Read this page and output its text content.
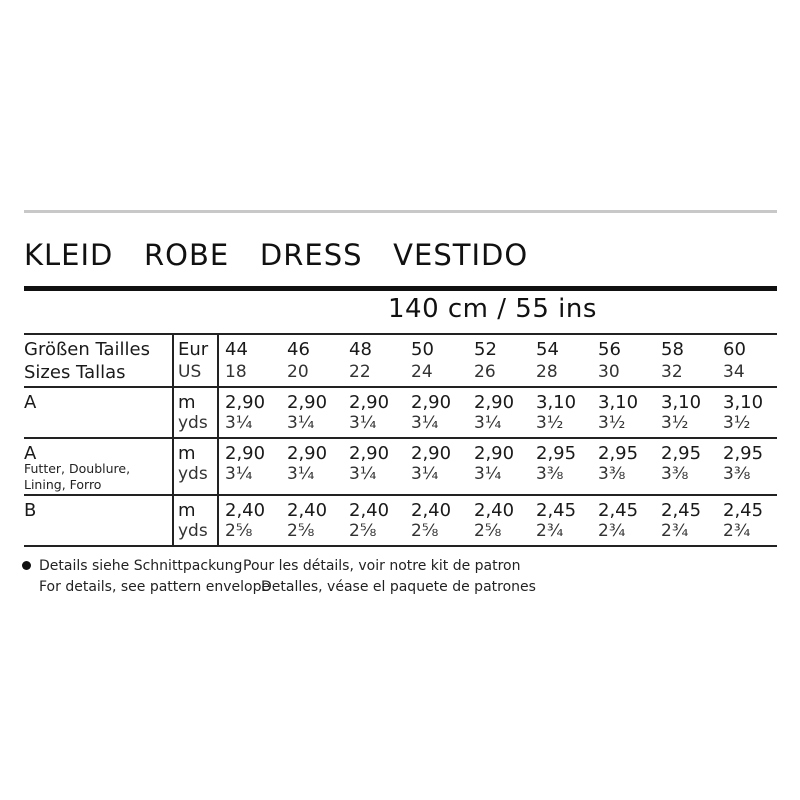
KLEID   ROBE   DRESS   VESTIDO
140 cm / 55 ins
Größen Tailles
Sizes Tallas
Eur
US
44
18
46
20
48
22
50
24
52
26
54
28
56
30
58
32
60
34
A
A
Futter, Doublure,
Lining, Forro
B
m
yds
2,90
3¼
2,90
3¼
2,90
3¼
2,90
3¼
2,90
3¼
3,10
3½
3,10
3½
3,10
3½
3,10
3½
m
yds
2,90
3¼
2,90
3¼
2,90
3¼
2,90
3¼
2,90
3¼
2,95
3⅜
2,95
3⅜
2,95
3⅜
2,95
3⅜
m
yds
2,40
2⅝
2,40
2⅝
2,40
2⅝
2,40
2⅝
2,40
2⅝
2,45
2¾
2,45
2¾
2,45
2¾
2,45
2¾
Details siehe Schnittpackung Pour les détails, voir notre kit de patron
For details, see pattern envelope
Detalles, véase el paquete de patrones
